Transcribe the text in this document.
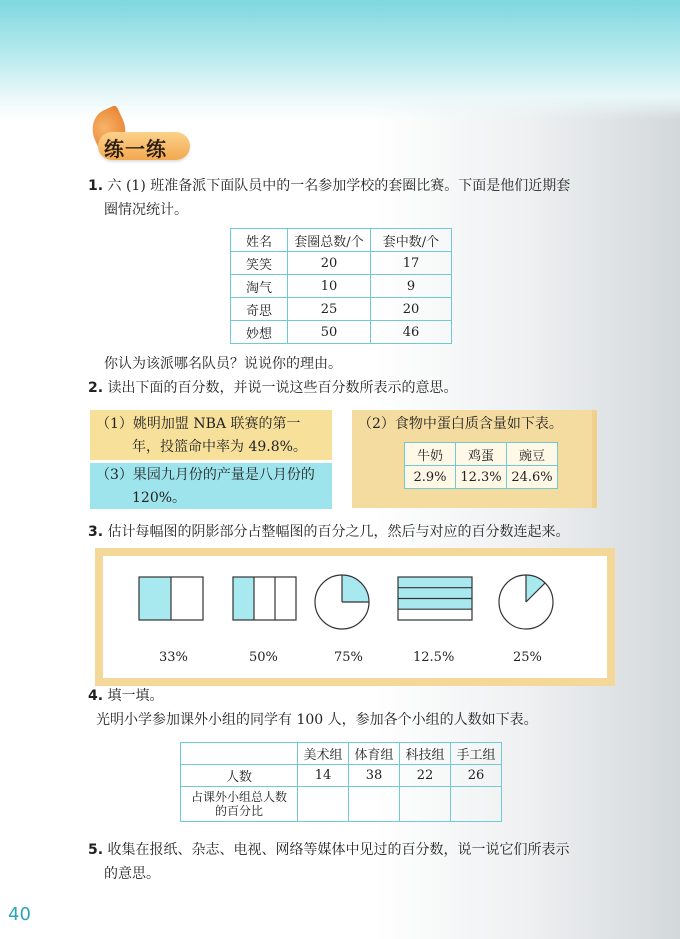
练一练
1. 六 (1) 班准备派下面队员中的一名参加学校的套圈比赛。下面是他们近期套
圈情况统计。
姓名	套圈总数/个	套中数/个
笑笑	20	17
淘气	10	9
奇思	25	20
妙想	50	46
你认为该派哪名队员？说说你的理由。
2. 读出下面的百分数，并说一说这些百分数所表示的意思。
（1）姚明加盟 NBA 联赛的第一
年，投篮命中率为 49.8%。
（3）果园九月份的产量是八月份的
120%。
（2）食物中蛋白质含量如下表。
牛奶	鸡蛋	豌豆
2.9%	12.3%	24.6%
3. 估计每幅图的阴影部分占整幅图的百分之几，然后与对应的百分数连起来。
33%	50%	75%	12.5%	25%
4. 填一填。
光明小学参加课外小组的同学有 100 人，参加各个小组的人数如下表。
	美术组	体育组	科技组	手工组
人数	14	38	22	26

占课外小组总人数
的百分比				

5. 收集在报纸、杂志、电视、网络等媒体中见过的百分数，说一说它们所表示
的意思。
40
